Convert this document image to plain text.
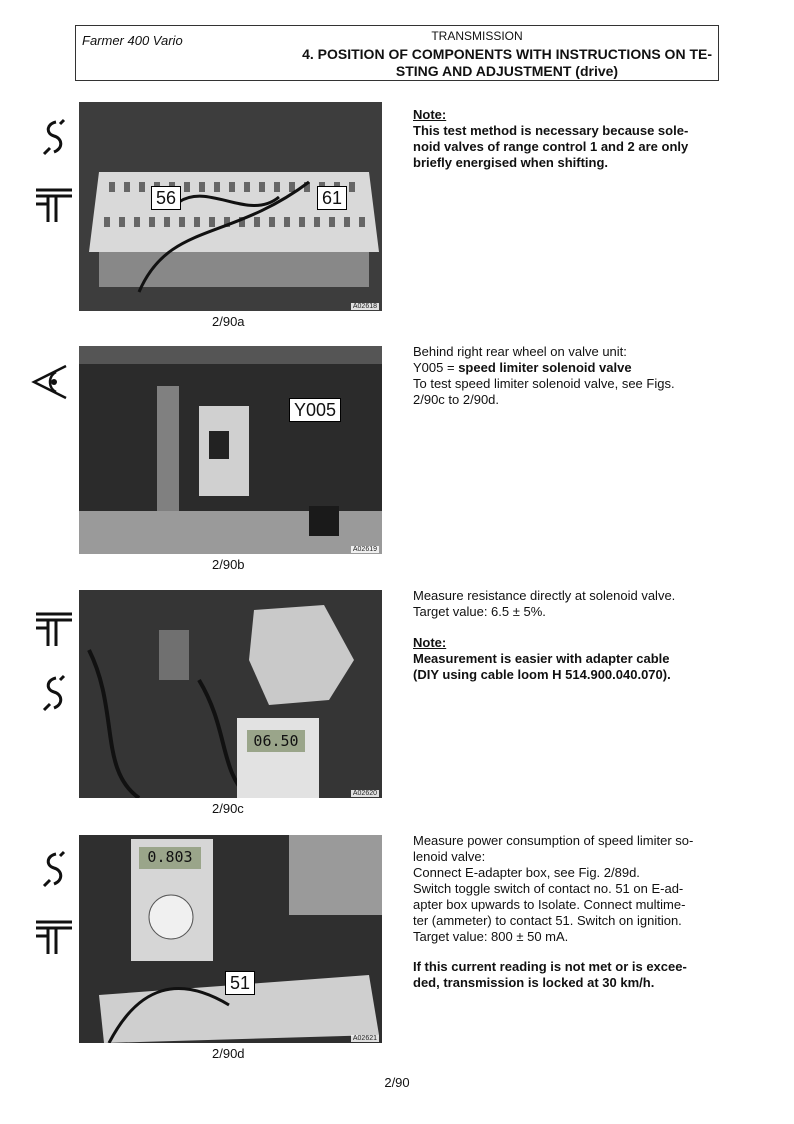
Farmer 400 Vario	TRANSMISSION
4. POSITION OF COMPONENTS WITH INSTRUCTIONS ON TE-
STING AND ADJUSTMENT (drive)
56	61
A02618
2/90a

Note:

This test method is necessary because sole-

noid valves of range control 1 and 2 are only

briefly energised when shifting.

Y005
A02619
2/90b

Behind right rear wheel on valve unit:

Y005 = speed limiter solenoid valve

To test speed limiter solenoid valve, see Figs.

2/90c to 2/90d.

06.50
A02620
2/90c

Measure resistance directly at solenoid valve.

Target value: 6.5 ± 5%.

Note:

Measurement is easier with adapter cable

(DIY using cable loom H 514.900.040.070).

0.803
51
A02621
2/90d

Measure power consumption of speed limiter so-

lenoid valve:

Connect E-adapter box, see Fig. 2/89d.

Switch toggle switch of contact no. 51 on E-ad-

apter box upwards to Isolate. Connect multime-

ter (ammeter) to contact 51. Switch on ignition.

Target value: 800 ± 50 mA.

If this current reading is not met or is excee-

ded, transmission is locked at 30 km/h.

2/90
